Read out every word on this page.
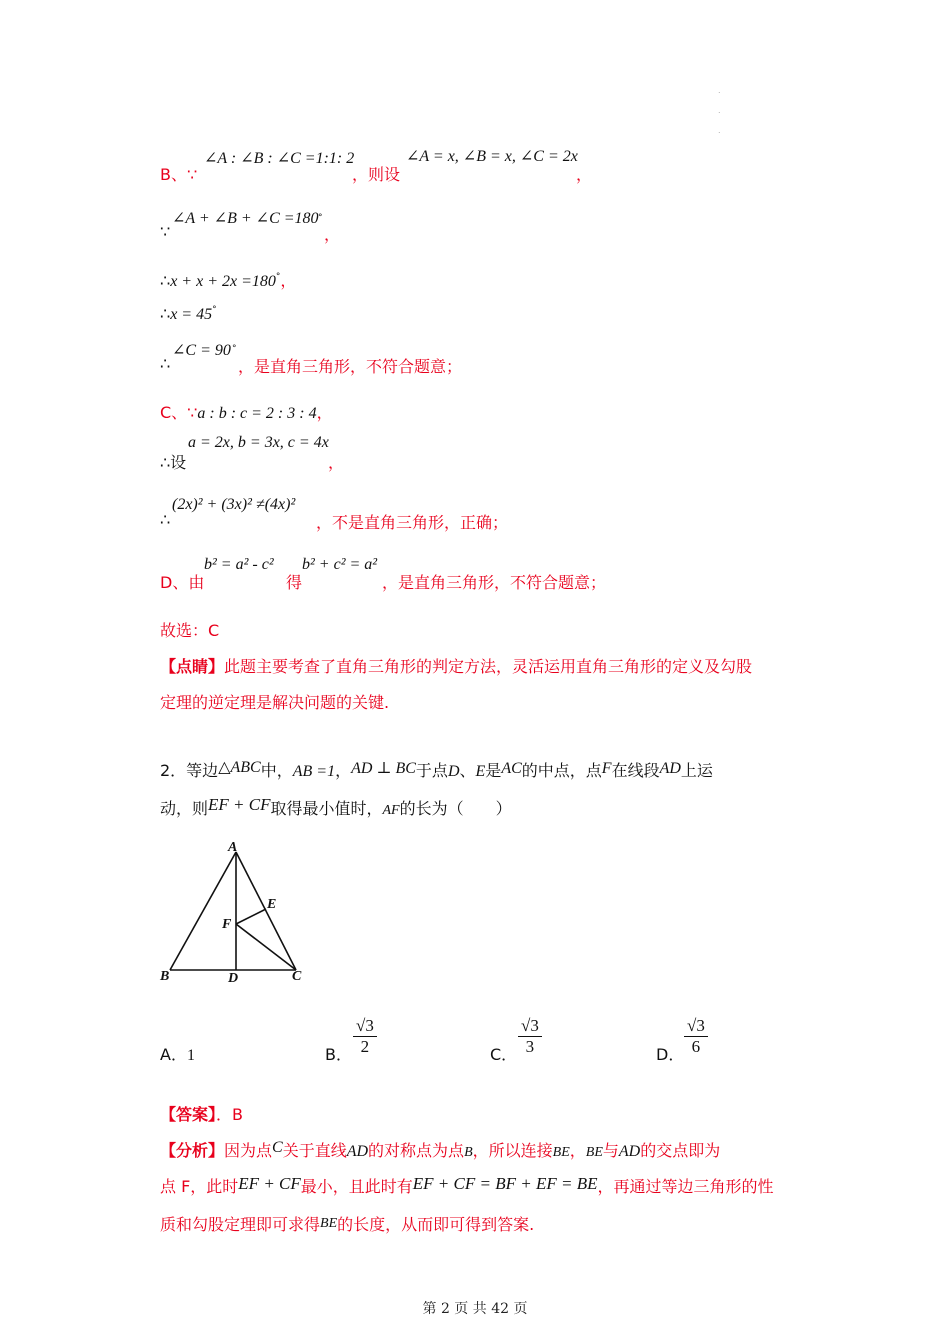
.
.
.
B、∵
∠A : ∠B : ∠C =1:1: 2
，则设
∠A = x, ∠B = x, ∠C = 2x
，
∵
∠A + ∠B + ∠C =180 °
，
∴x + x + 2x =180°，
∴x = 45°
∴
∠C = 90 °
，是直角三角形，不符合题意；
C、∵a : b : c = 2 : 3 : 4，
∴设
a = 2x, b = 3x, c = 4x
，
∴
(2x)² + (3x)² ≠(4x)²
，不是直角三角形，正确；
D、由
b² = a² - c²
得
b² + c² = a²
，是直角三角形，不符合题意；
故选：C
【点睛】此题主要考查了直角三角形的判定方法，灵活运用直角三角形的定义及勾股
定理的逆定理是解决问题的关键.
2．等边△ABC中，AB =1，AD ⊥ BC于点D、E是AC的中点，点F在线段AD上运
动，则EF + CF取得最小值时，AF的长为（　　）
A
B	C
D
E
F
A．1	B． $\frac{√3}{2}$	C． $\frac{√3}{3}$	D． $\frac{√3}{6}$
【答案】．B
【分析】因为点C关于直线AD的对称点为点B，所以连接BE，BE与AD的交点即为
点 F，此时EF + CF最小，且此时有EF + CF = BF + EF = BE，再通过等边三角形的性
质和勾股定理即可求得BE的长度，从而即可得到答案.
第 2 页 共 42 页
